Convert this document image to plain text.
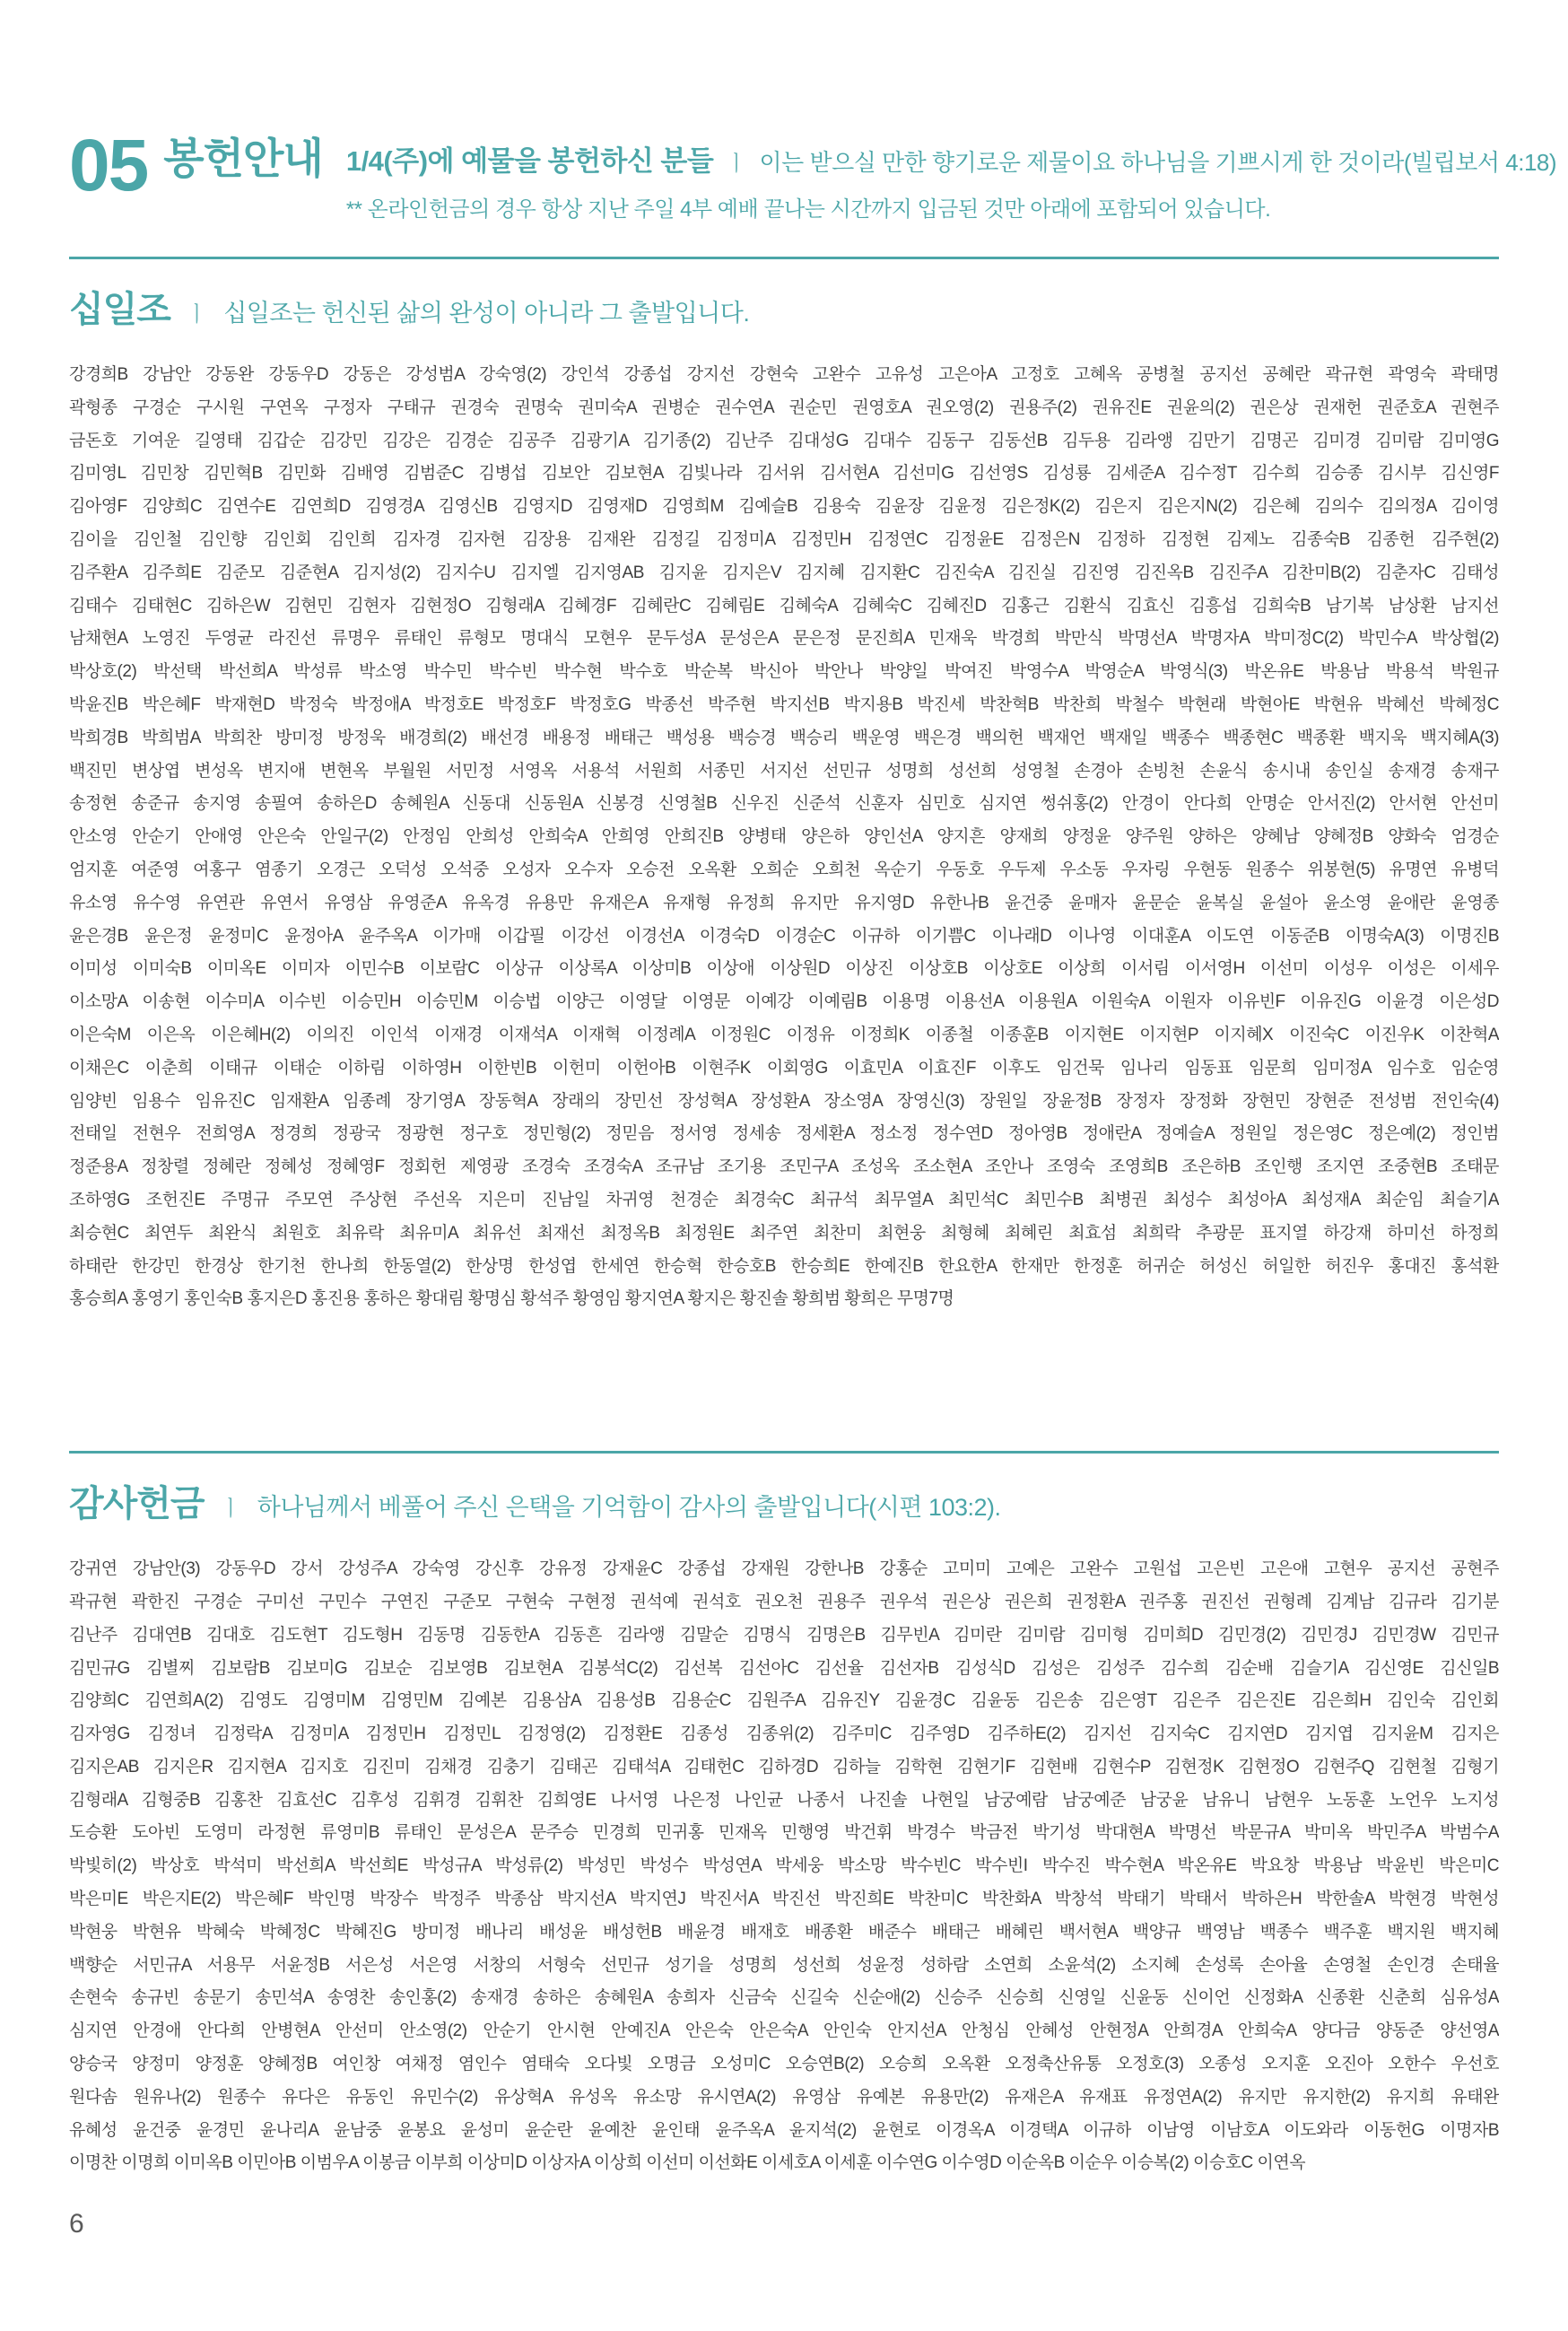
05 봉헌안내 1/4(주)에 예물을 봉헌하신 분들 ㅣ 이는 받으실 만한 향기로운 제물이요 하나님을 기쁘시게 한 것이라(빌립보서 4:18)
** 온라인헌금의 경우 항상 지난 주일 4부 예배 끝나는 시간까지 입금된 것만 아래에 포함되어 있습니다.
십일조 ㅣ 십일조는 헌신된 삶의 완성이 아니라 그 출발입니다.
강경희B 강남안 강동완 강동우D 강동은 강성범A 강숙영(2) 강인석 강종섭 강지선 강현숙 고완수 고유성 고은아A 고정호 고혜옥 공병철 공지선 공혜란 곽규현 곽영숙 곽태명
곽형종 구경순 구시원 구연옥 구정자 구태규 권경숙 권명숙 권미숙A 권병순 권수연A 권순민 권영호A 권오영(2) 권용주(2) 권유진E 권윤의(2) 권은상 권재헌 권준호A 권현주
금돈호 기여운 길영태 김갑순 김강민 김강은 김경순 김공주 김광기A 김기종(2) 김난주 김대성G 김대수 김동구 김동선B 김두용 김라앵 김만기 김명곤 김미경 김미람 김미영G
김미영L 김민창 김민혁B 김민화 김배영 김범준C 김병섭 김보안 김보현A 김빛나라 김서위 김서현A 김선미G 김선영S 김성룡 김세준A 김수정T 김수희 김승종 김시부 김신영F
김아영F 김양희C 김연수E 김연희D 김영경A 김영신B 김영지D 김영재D 김영희M 김예슬B 김용숙 김윤장 김윤정 김은정K(2) 김은지 김은지N(2) 김은혜 김의수 김의정A 김이영
김이을 김인철 김인향 김인회 김인희 김자경 김자현 김장용 김재완 김정길 김정미A 김정민H 김정연C 김정윤E 김정은N 김정하 김정현 김제노 김종숙B 김종헌 김주현(2)
김주환A 김주희E 김준모 김준현A 김지성(2) 김지수U 김지엘 김지영AB 김지윤 김지은V 김지혜 김지환C 김진숙A 김진실 김진영 김진옥B 김진주A 김찬미B(2) 김춘자C 김태성
김태수 김태현C 김하은W 김현민 김현자 김현정O 김형래A 김혜경F 김혜란C 김혜림E 김혜숙A 김혜숙C 김혜진D 김홍근 김환식 김효신 김흥섭 김희숙B 남기복 남상환 남지선
남채현A 노영진 두영균 라진선 류명우 류태인 류형모 명대식 모현우 문두성A 문성은A 문은정 문진희A 민재욱 박경희 박만식 박명선A 박명자A 박미정C(2) 박민수A 박상협(2)
박상호(2) 박선택 박선희A 박성류 박소영 박수민 박수빈 박수현 박수호 박순복 박신아 박안나 박양일 박여진 박영수A 박영순A 박영식(3) 박온유E 박용남 박용석 박원규
박윤진B 박은혜F 박재현D 박정숙 박정애A 박정호E 박정호F 박정호G 박종선 박주현 박지선B 박지용B 박진세 박찬혁B 박찬희 박철수 박현래 박현아E 박현유 박혜선 박혜정C
박희경B 박희범A 박희찬 방미정 방정욱 배경희(2) 배선경 배용정 배태근 백성용 백승경 백승리 백운영 백은경 백의헌 백재언 백재일 백종수 백종현C 백종환 백지욱 백지혜A(3)
백진민 변상엽 변성옥 변지애 변현옥 부월원 서민정 서영옥 서용석 서원희 서종민 서지선 선민규 성명희 성선희 성영철 손경아 손빙천 손윤식 송시내 송인실 송재경 송재구
송정현 송준규 송지영 송필여 송하은D 송혜원A 신동대 신동원A 신봉경 신영철B 신우진 신준석 신훈자 심민호 심지연 썽쉬홍(2) 안경이 안다희 안명순 안서진(2) 안서현 안선미
안소영 안순기 안애영 안은숙 안일구(2) 안정임 안희성 안희숙A 안희영 안희진B 양병태 양은하 양인선A 양지흔 양재희 양정윤 양주원 양하은 양혜남 양혜정B 양화숙 엄경순
엄지훈 여준영 여홍구 염종기 오경근 오덕성 오석중 오성자 오수자 오승전 오옥환 오희순 오희천 옥순기 우동호 우두제 우소동 우자링 우현동 원종수 위봉현(5) 유명연 유병덕
유소영 유수영 유연관 유연서 유영삼 유영준A 유옥경 유용만 유재은A 유재형 유정희 유지만 유지영D 유한나B 윤건중 윤매자 윤문순 윤복실 윤설아 윤소영 윤애란 윤영종
윤은경B 윤은정 윤정미C 윤정아A 윤주옥A 이가매 이갑필 이강선 이경선A 이경숙D 이경순C 이규하 이기쁨C 이나래D 이나영 이대훈A 이도연 이동준B 이명숙A(3) 이명진B
이미성 이미숙B 이미옥E 이미자 이민수B 이보람C 이상규 이상록A 이상미B 이상애 이상원D 이상진 이상호B 이상호E 이상희 이서림 이서영H 이선미 이성우 이성은 이세우
이소망A 이송현 이수미A 이수빈 이승민H 이승민M 이승법 이양근 이영달 이영문 이예강 이예림B 이용명 이용선A 이용원A 이원숙A 이원자 이유빈F 이유진G 이윤경 이은성D
이은숙M 이은옥 이은혜H(2) 이의진 이인석 이재경 이재석A 이재혁 이정례A 이정원C 이정유 이정희K 이종철 이종훈B 이지현E 이지현P 이지혜X 이진숙C 이진우K 이찬혁A
이채은C 이춘희 이태규 이태순 이하림 이하영H 이한빈B 이헌미 이헌아B 이현주K 이회영G 이효민A 이효진F 이후도 임건묵 임나리 임동표 임문희 임미정A 임수호 임순영
임양빈 임용수 임유진C 임재환A 임종례 장기영A 장동혁A 장래의 장민선 장성혁A 장성환A 장소영A 장영신(3) 장원일 장윤정B 장정자 장정화 장현민 장현준 전성범 전인숙(4)
전태일 전현우 전희영A 정경희 정광국 정광현 정구호 정민형(2) 정믿음 정서영 정세송 정세환A 정소정 정수연D 정아영B 정애란A 정예슬A 정원일 정은영C 정은예(2) 정인범
정준용A 정창렬 정혜란 정혜성 정혜영F 정회헌 제영광 조경숙 조경숙A 조규남 조기용 조민구A 조성옥 조소현A 조안나 조영숙 조영희B 조은하B 조인행 조지연 조중현B 조태문
조하영G 조헌진E 주명규 주모연 주상현 주선옥 지은미 진남일 차귀영 천경순 최경숙C 최규석 최무열A 최민석C 최민수B 최병권 최성수 최성아A 최성재A 최순임 최슬기A
최승현C 최연두 최완식 최원호 최유락 최유미A 최유선 최재선 최정옥B 최정원E 최주연 최찬미 최현웅 최형혜 최혜린 최효섬 최희락 추광문 표지열 하강재 하미선 하정희
하태란 한강민 한경상 한기천 한나희 한동열(2) 한상명 한성엽 한세연 한승혁 한승호B 한승희E 한예진B 한요한A 한재만 한정훈 허귀순 허성신 허일한 허진우 홍대진 홍석환
홍승희A 홍영기 홍인숙B 홍지은D 홍진용 홍하은 황대림 황명심 황석주 황영임 황지연A 황지은 황진솔 황희범 황희은 무명7명
감사헌금 ㅣ 하나님께서 베풀어 주신 은택을 기억함이 감사의 출발입니다(시편 103:2).
강귀연 강남안(3) 강동우D 강서 강성주A 강숙영 강신후 강유정 강재윤C 강종섭 강재원 강한나B 강홍순 고미미 고예은 고완수 고원섭 고은빈 고은애 고현우 공지선 공현주
곽규현 곽한진 구경순 구미선 구민수 구연진 구준모 구현숙 구현정 권석예 권석호 권오천 권용주 권우석 권은상 권은희 권정환A 권주홍 권진선 권형례 김계남 김규라 김기분
김난주 김대연B 김대호 김도현T 김도형H 김동명 김동한A 김동흔 김라앵 김말순 김명식 김명은B 김무빈A 김미란 김미람 김미형 김미희D 김민경(2) 김민경J 김민경W 김민규
김민규G 김별찌 김보람B 김보미G 김보순 김보영B 김보현A 김봉석C(2) 김선복 김선아C 김선율 김선자B 김성식D 김성은 김성주 김수희 김순배 김슬기A 김신영E 김신일B
김양희C 김연희A(2) 김영도 김영미M 김영민M 김예본 김용삼A 김용성B 김용순C 김원주A 김유진Y 김윤경C 김윤동 김은송 김은영T 김은주 김은진E 김은희H 김인숙 김인회
김자영G 김정녀 김정락A 김정미A 김정민H 김정민L 김정영(2) 김정환E 김종성 김종위(2) 김주미C 김주영D 김주하E(2) 김지선 김지숙C 김지연D 김지엽 김지윤M 김지은
김지은AB 김지은R 김지현A 김지호 김진미 김채경 김충기 김태곤 김태석A 김태헌C 김하경D 김하늘 김학현 김현기F 김현배 김현수P 김현정K 김현정O 김현주Q 김현철 김형기
김형래A 김형중B 김홍찬 김효선C 김후성 김휘경 김휘찬 김희영E 나서영 나은정 나인균 나종서 나진솔 나현일 남궁예람 남궁예준 남궁윤 남유니 남현우 노동훈 노언우 노지성
도승환 도아빈 도영미 라정현 류영미B 류태인 문성은A 문주승 민경희 민귀홍 민재옥 민행영 박건휘 박경수 박금전 박기성 박대현A 박명선 박문규A 박미옥 박민주A 박범수A
박빛히(2) 박상호 박석미 박선희A 박선희E 박성규A 박성류(2) 박성민 박성수 박성연A 박세웅 박소망 박수빈C 박수빈I 박수진 박수현A 박온유E 박요창 박용남 박윤빈 박은미C
박은미E 박은지E(2) 박은혜F 박인명 박장수 박정주 박종삼 박지선A 박지연J 박진서A 박진선 박진희E 박찬미C 박찬화A 박창석 박태기 박태서 박하은H 박한솔A 박현경 박현성
박현웅 박현유 박혜숙 박혜정C 박혜진G 방미정 배나리 배성윤 배성헌B 배윤경 배재호 배종환 배준수 배태근 배혜린 백서현A 백양규 백영남 백종수 백주훈 백지원 백지혜
백향순 서민규A 서용무 서윤정B 서은성 서은영 서창의 서형숙 선민규 성기을 성명희 성선희 성윤정 성하람 소연희 소윤석(2) 소지혜 손성록 손아율 손영철 손인경 손태율
손현숙 송규빈 송문기 송민석A 송영찬 송인홍(2) 송재경 송하은 송혜원A 송희자 신금숙 신길숙 신순애(2) 신승주 신승희 신영일 신윤동 신이언 신정화A 신종환 신춘희 심유성A
심지연 안경애 안다희 안병현A 안선미 안소영(2) 안순기 안시현 안예진A 안은숙 안은숙A 안인숙 안지선A 안청심 안혜성 안현정A 안희경A 안희숙A 양다금 양동준 양선영A
양승국 양정미 양정훈 양혜정B 여인창 여채정 염인수 염태숙 오다빛 오명금 오성미C 오승연B(2) 오승희 오옥환 오정축산유통 오정호(3) 오종성 오지훈 오진아 오한수 우선호
원다솜 원유나(2) 원종수 유다은 유동인 유민수(2) 유상혁A 유성옥 유소망 유시연A(2) 유영삼 유예본 유용만(2) 유재은A 유재표 유정연A(2) 유지만 유지한(2) 유지희 유태완
유혜성 윤건중 윤경민 윤나리A 윤남중 윤봉요 윤성미 윤순란 윤예찬 윤인태 윤주옥A 윤지석(2) 윤현로 이경옥A 이경택A 이규하 이남영 이남호A 이도와라 이동헌G 이명자B
이명찬 이명희 이미옥B 이민아B 이범우A 이봉금 이부희 이상미D 이상자A 이상희 이선미 이선화E 이세호A 이세훈 이수연G 이수영D 이순옥B 이순우 이승복(2) 이승호C 이연옥
6
